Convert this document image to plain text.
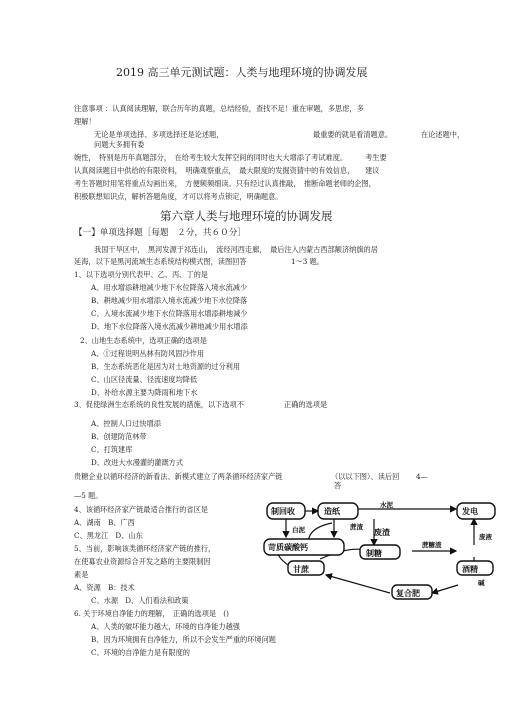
2019 高三单元测试题：人类与地理环境的协调发展
注意事项 ：认真阅读理解，联合历年的真题，总结经验，查找不足！重在审题，多思虑，多
理解！
无论是单项选择、多项选择还是论述题，	最重要的就是看清题意。	在论述题中，
问题大多拥有委
婉性，　特别是历年真题部分，　在给考生较大发挥空间的同时也大大增添了考试难度。　　　考生要
认真阅读题目中供给的有限资料，　明确观察重点，　最大限度的发掘资猜中的有效信息，　　建议
考生答题时用笔将重点勾画出来，　方便频频细读。只有经过认真推敲，　推断命题老师的企图，
积极联想知识点，解析答题角度，才可以将考点锁定，明确题意。
第六章人类与地理环境的协调发展
【一】单项选择题［每题　２分，共６０分］
我国干旱区中，　黑河发源于祁连山，　流经河西走廊，　最后注入内蒙古西部额济纳旗的居
延海，以下是黑河流域生态系统结构模式图，读图回答	1～3 题。
1、以下选项分别代表甲、乙、丙、丁的是
A、用水增添耕地减少地下水位降落入境水流减少
B、耕地减少用水增添入境水流减少地下水位降落
C、入境水流减少地下水位降落用水增添耕地减少
D、地下水位降落入境水流减少耕地减少用水增添
2、山地生态系统中，选项正确的选项是
A、①过程说明丛林有防风固沙作用
B、生态系统恶化是因为对土地资源的过分利用
C、山区径流量、径流速度均降低
D、补给水源主要为降雨和地下水
3、促使绿洲生态系统的良性发展的措施，以下选项不	正确的选项是
A、控制人口过快增添
B、创建防范林带
C、打筑建库
D、改进大水漫灌的灌溉方式
贵糖企业以循环经济的新看法、新模式建立了两条循环经济家产链	（以以下图）、读后回 4—
答
—5 题。
4、该循环经济家产链最适合推行的省区是
A、湖南　B、广西
C、黑龙江　D、山东
5、当前，影响该类循环经济家产链的推行，
在使募农业资源综合开发之路的主要限制因
素是
A、资源　B：技术
C、水源　D、人们看法和政策
6. 关于环境自净能力的理解，　正确的选项是　()
A、人类的破坏能力越大，环境的自净能力越强
B、因为环境拥有自净能力，所以不会发生严重的环境问题
C、环境的自净能力是有限度的
制回收	造纸	发电
白泥
苛质碳酸钙
废渣
制糖
蔗糖渣
酒精
甘蔗
复合肥
水泥
蔗渣
废液
碱
